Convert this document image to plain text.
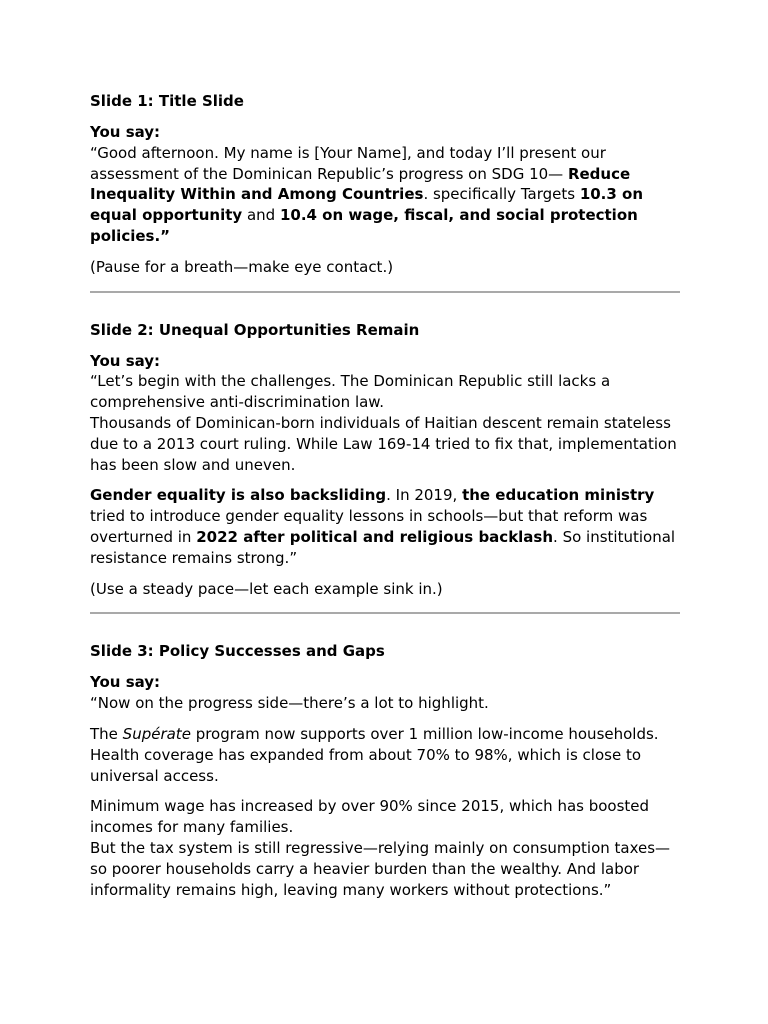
Slide 1: Title Slide

You say:

“Good afternoon. My name is [Your Name], and today I’ll present our assessment of the Dominican Republic’s progress on SDG 10— Reduce Inequality Within and Among Countries. specifically Targets 10.3 on equal opportunity and 10.4 on wage, fiscal, and social protection policies.”

(Pause for a breath—make eye contact.)

Slide 2: Unequal Opportunities Remain

You say:

“Let’s begin with the challenges. The Dominican Republic still lacks a comprehensive anti-discrimination law.

Thousands of Dominican-born individuals of Haitian descent remain stateless due to a 2013 court ruling. While Law 169-14 tried to fix that, implementation has been slow and uneven.

Gender equality is also backsliding. In 2019, the education ministry tried to introduce gender equality lessons in schools—but that reform was overturned in 2022 after political and religious backlash. So institutional resistance remains strong.”

(Use a steady pace—let each example sink in.)

Slide 3: Policy Successes and Gaps

You say:

“Now on the progress side—there’s a lot to highlight.

The Supérate program now supports over 1 million low-income households. Health coverage has expanded from about 70% to 98%, which is close to universal access.

Minimum wage has increased by over 90% since 2015, which has boosted incomes for many families.

But the tax system is still regressive—relying mainly on consumption taxes—so poorer households carry a heavier burden than the wealthy. And labor informality remains high, leaving many workers without protections.”
